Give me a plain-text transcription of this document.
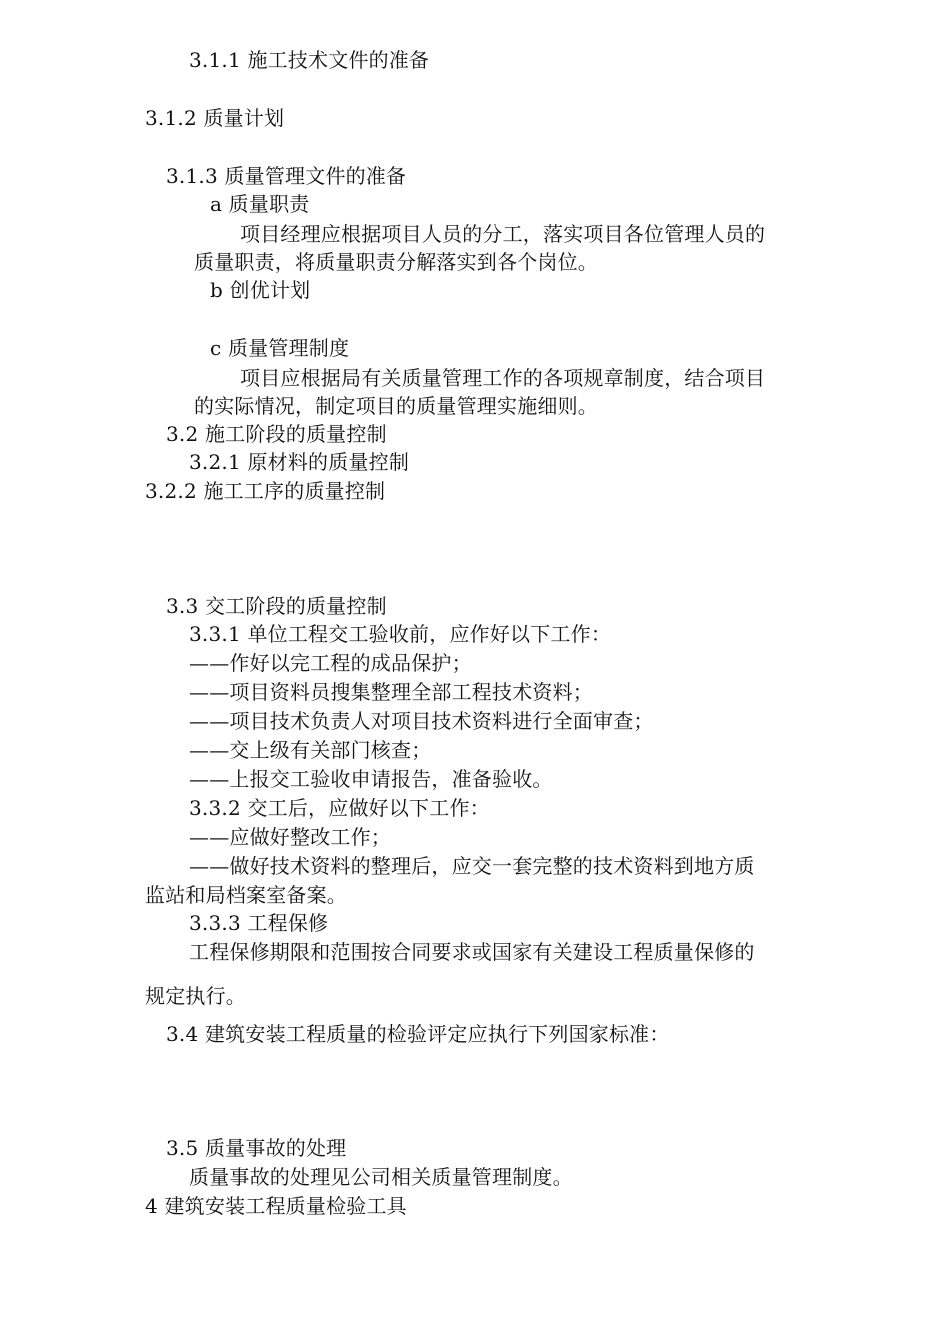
3.1.1 施工技术文件的准备
3.1.2 质量计划
3.1.3 质量管理文件的准备
a 质量职责
项目经理应根据项目人员的分工，落实项目各位管理人员的
质量职责，将质量职责分解落实到各个岗位。
b 创优计划
c 质量管理制度
项目应根据局有关质量管理工作的各项规章制度，结合项目
的实际情况，制定项目的质量管理实施细则。
3.2 施工阶段的质量控制
3.2.1 原材料的质量控制
3.2.2 施工工序的质量控制
3.3 交工阶段的质量控制
3.3.1 单位工程交工验收前，应作好以下工作：
——作好以完工程的成品保护；
——项目资料员搜集整理全部工程技术资料；
——项目技术负责人对项目技术资料进行全面审查；
——交上级有关部门核查；
——上报交工验收申请报告，准备验收。
3.3.2 交工后，应做好以下工作：
——应做好整改工作；
——做好技术资料的整理后，应交一套完整的技术资料到地方质
监站和局档案室备案。
3.3.3 工程保修
工程保修期限和范围按合同要求或国家有关建设工程质量保修的
规定执行。
3.4 建筑安装工程质量的检验评定应执行下列国家标准：
3.5 质量事故的处理
质量事故的处理见公司相关质量管理制度。
4 建筑安装工程质量检验工具
